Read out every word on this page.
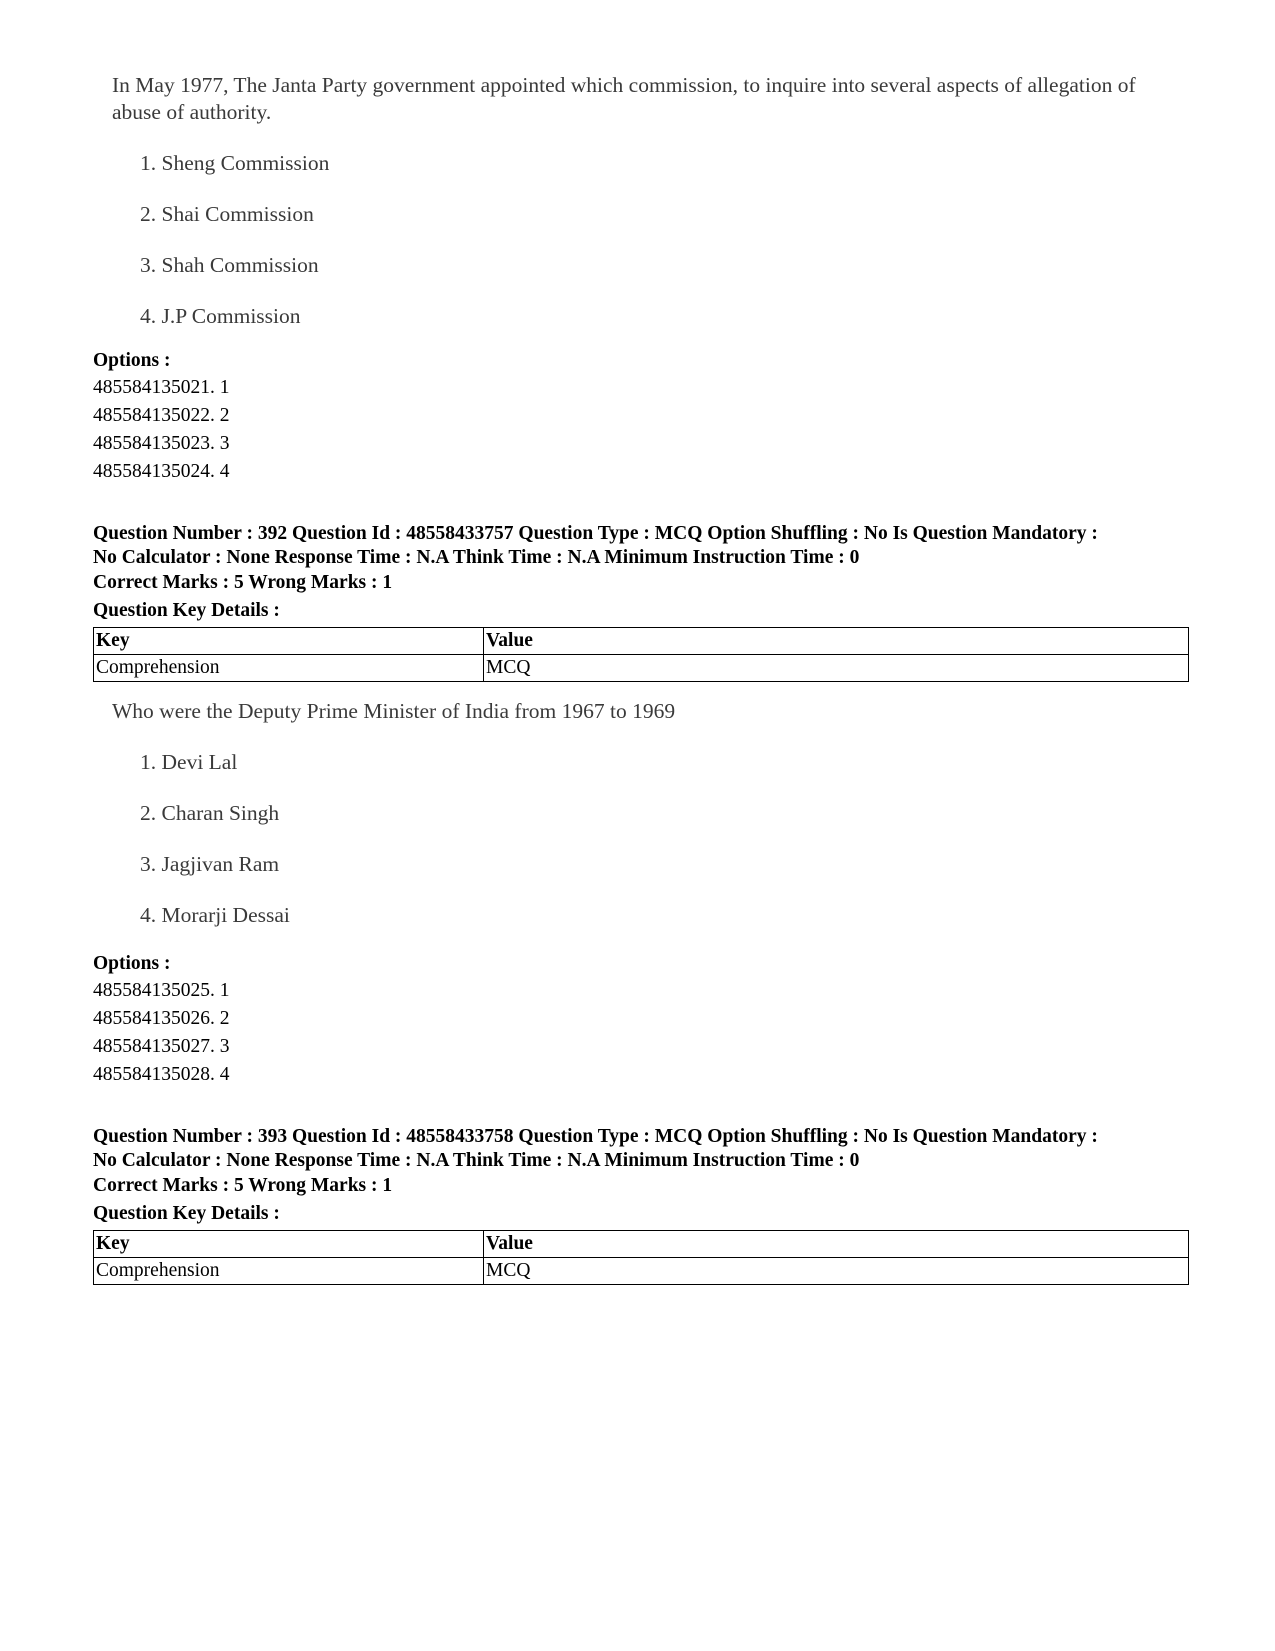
In May 1977, The Janta Party government appointed which commission, to inquire into several aspects of allegation of abuse of authority.

1. Sheng Commission
2. Shai Commission
3. Shah Commission
4. J.P Commission
Options :
485584135021. 1
485584135022. 2
485584135023. 3
485584135024. 4
Question Number : 392 Question Id : 48558433757 Question Type : MCQ Option Shuffling : No Is Question Mandatory :
No Calculator : None Response Time : N.A Think Time : N.A Minimum Instruction Time : 0
Correct Marks : 5 Wrong Marks : 1
Question Key Details :
Key	Value
Comprehension	MCQ

Who were the Deputy Prime Minister of India from 1967 to 1969

1. Devi Lal
2. Charan Singh
3. Jagjivan Ram
4. Morarji Dessai
Options :
485584135025. 1
485584135026. 2
485584135027. 3
485584135028. 4
Question Number : 393 Question Id : 48558433758 Question Type : MCQ Option Shuffling : No Is Question Mandatory :
No Calculator : None Response Time : N.A Think Time : N.A Minimum Instruction Time : 0
Correct Marks : 5 Wrong Marks : 1
Question Key Details :
Key	Value
Comprehension	MCQ
